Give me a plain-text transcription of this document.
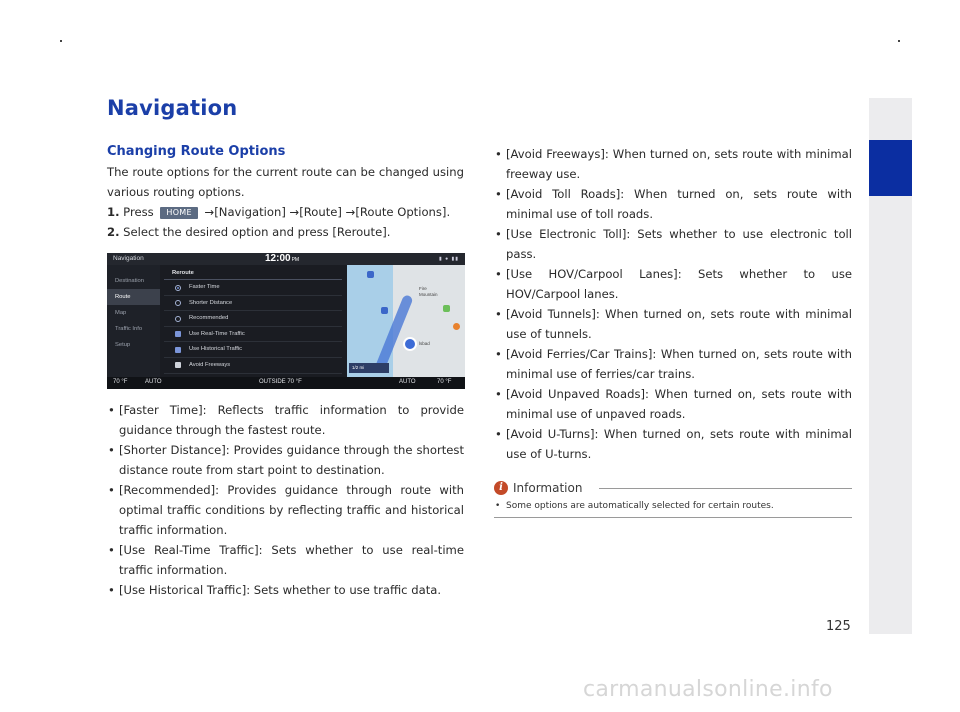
Navigation
Changing Route Options

The route options for the current route can be changed using various routing options.

1. Press HOME →[Navigation] →[Route] →[Route Options].
2. Select the desired option and press [Reroute].
Navigation	12:00PM	▮ ● ▮▮
Destination
Route
Map
Traffic Info
Setup
Reroute
Faster Time
Shorter Distance
Recommended
Use Real-Time Traffic
Use Historical Traffic
Avoid Freeways
Fire
Mountain
lsbad
1/2 mi
70 °F	AUTO	OUTSIDE 70 °F	AUTO	70 °F
• [Faster Time]: Reflects traffic information to provide guidance through the fastest route.
• [Shorter Distance]: Provides guidance through the shortest distance route from start point to destination.
• [Recommended]: Provides guidance through route with optimal traffic conditions by reflecting traffic and historical traffic information.
• [Use Real-Time Traffic]: Sets whether to use real-time traffic information.
• [Use Historical Traffic]: Sets whether to use traffic data.
• [Avoid Freeways]: When turned on, sets route with minimal freeway use.
• [Avoid Toll Roads]: When turned on, sets route with minimal use of toll roads.
• [Use Electronic Toll]: Sets whether to use electronic toll pass.
• [Use HOV/Carpool Lanes]: Sets whether to use HOV/Carpool lanes.
• [Avoid Tunnels]: When turned on, sets route with minimal use of tunnels.
• [Avoid Ferries/Car Trains]: When turned on, sets route with minimal use of ferries/car trains.
• [Avoid Unpaved Roads]: When turned on, sets route with minimal use of unpaved roads.
• [Avoid U-Turns]: When turned on, sets route with minimal use of U-turns.
i Information
• Some options are automatically selected for certain routes.
125
carmanualsonline.info
